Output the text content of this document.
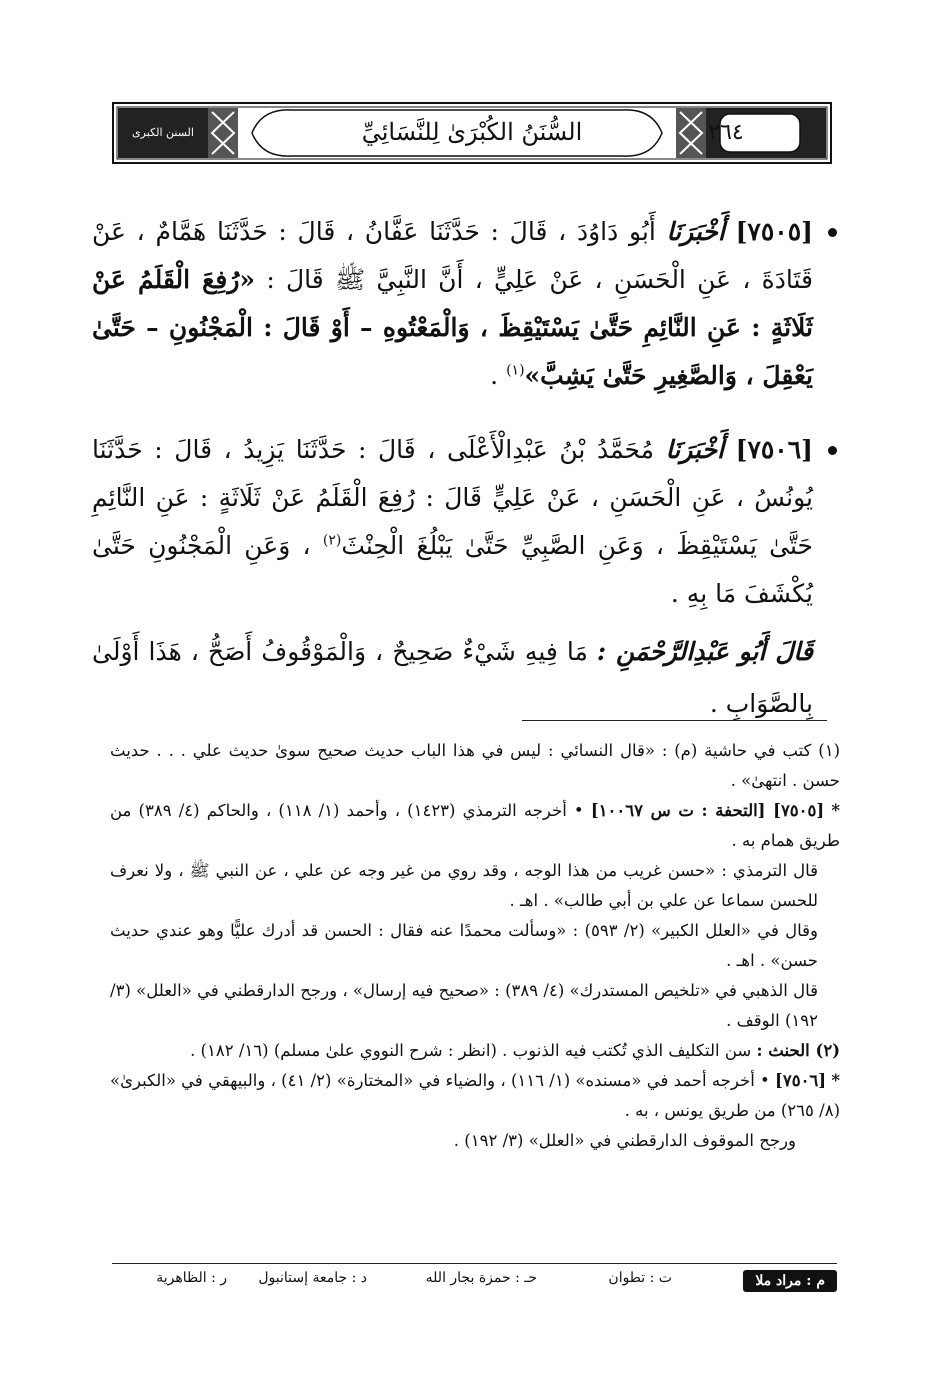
السنن الكبرى	السُّنَنُ الكُبْرَىٰ لِلنَّسَائِيِّ	٢٦٤

[٧٥٠٥] أَخْبَرَنَا أَبُو دَاوُدَ ، قَالَ : حَدَّثَنَا عَفَّانُ ، قَالَ : حَدَّثَنَا هَمَّامٌ ، عَنْ قَتَادَةَ ، عَنِ الْحَسَنِ ، عَنْ عَلِيٍّ ، أَنَّ النَّبِيَّ ﷺ قَالَ : «رُفِعَ الْقَلَمُ عَنْ ثَلَاثَةٍ : عَنِ النَّائِمِ حَتَّىٰ يَسْتَيْقِظَ ، وَالْمَعْتُوهِ – أَوْ قَالَ : الْمَجْنُونِ – حَتَّىٰ يَعْقِلَ ، وَالصَّغِيرِ حَتَّىٰ يَشِبَّ»$^{(١)}$ .

[٧٥٠٦] أَخْبَرَنَا مُحَمَّدُ بْنُ عَبْدِالْأَعْلَى ، قَالَ : حَدَّثَنَا يَزِيدُ ، قَالَ : حَدَّثَنَا يُونُسُ ، عَنِ الْحَسَنِ ، عَنْ عَلِيٍّ قَالَ : رُفِعَ الْقَلَمُ عَنْ ثَلَاثَةٍ : عَنِ النَّائِمِ حَتَّىٰ يَسْتَيْقِظَ ، وَعَنِ الصَّبِيِّ حَتَّىٰ يَبْلُغَ الْحِنْثَ$^{(٢)}$ ، وَعَنِ الْمَجْنُونِ حَتَّىٰ يُكْشَفَ مَا بِهِ .

قَالَ أَبُو عَبْدِالرَّحْمَنِ : مَا فِيهِ شَيْءٌ صَحِيحٌ ، وَالْمَوْقُوفُ أَصَحُّ ، هَذَا أَوْلَىٰ بِالصَّوَابِ .

(١) كتب في حاشية (م) : «قال النسائي : ليس في هذا الباب حديث صحيح سوىٰ حديث علي . . . حديث حسن . انتهىٰ» .

* [٧٥٠٥] [التحفة : ت س ١٠٠٦٧] • أخرجه الترمذي (١٤٢٣) ، وأحمد (١/ ١١٨) ، والحاكم (٤/ ٣٨٩) من طريق همام به .

قال الترمذي : «حسن غريب من هذا الوجه ، وقد روي من غير وجه عن علي ، عن النبي ﷺ ، ولا نعرف للحسن سماعا عن علي بن أبي طالب» . اهـ .

وقال في «العلل الكبير» (٢/ ٥٩٣) : «وسألت محمدًا عنه فقال : الحسن قد أدرك عليًّا وهو عندي حديث حسن» . اهـ .

قال الذهبي في «تلخيص المستدرك» (٤/ ٣٨٩) : «صحيح فيه إرسال» ، ورجح الدارقطني في «العلل» (٣/ ١٩٢) الوقف .

(٢) الحنث : سن التكليف الذي تُكتب فيه الذنوب . (انظر : شرح النووي علىٰ مسلم) (١٦/ ١٨٢) .

* [٧٥٠٦] • أخرجه أحمد في «مسنده» (١/ ١١٦) ، والضياء في «المختارة» (٢/ ٤١) ، والبيهقي في «الكبرىٰ» (٨/ ٢٦٥) من طريق يونس ، به .

ورجح الموقوف الدارقطني في «العلل» (٣/ ١٩٢) .

م : مراد ملا
ت : تطوان
حـ : حمزة بجار الله
د : جامعة إستانبول
ر : الظاهرية
